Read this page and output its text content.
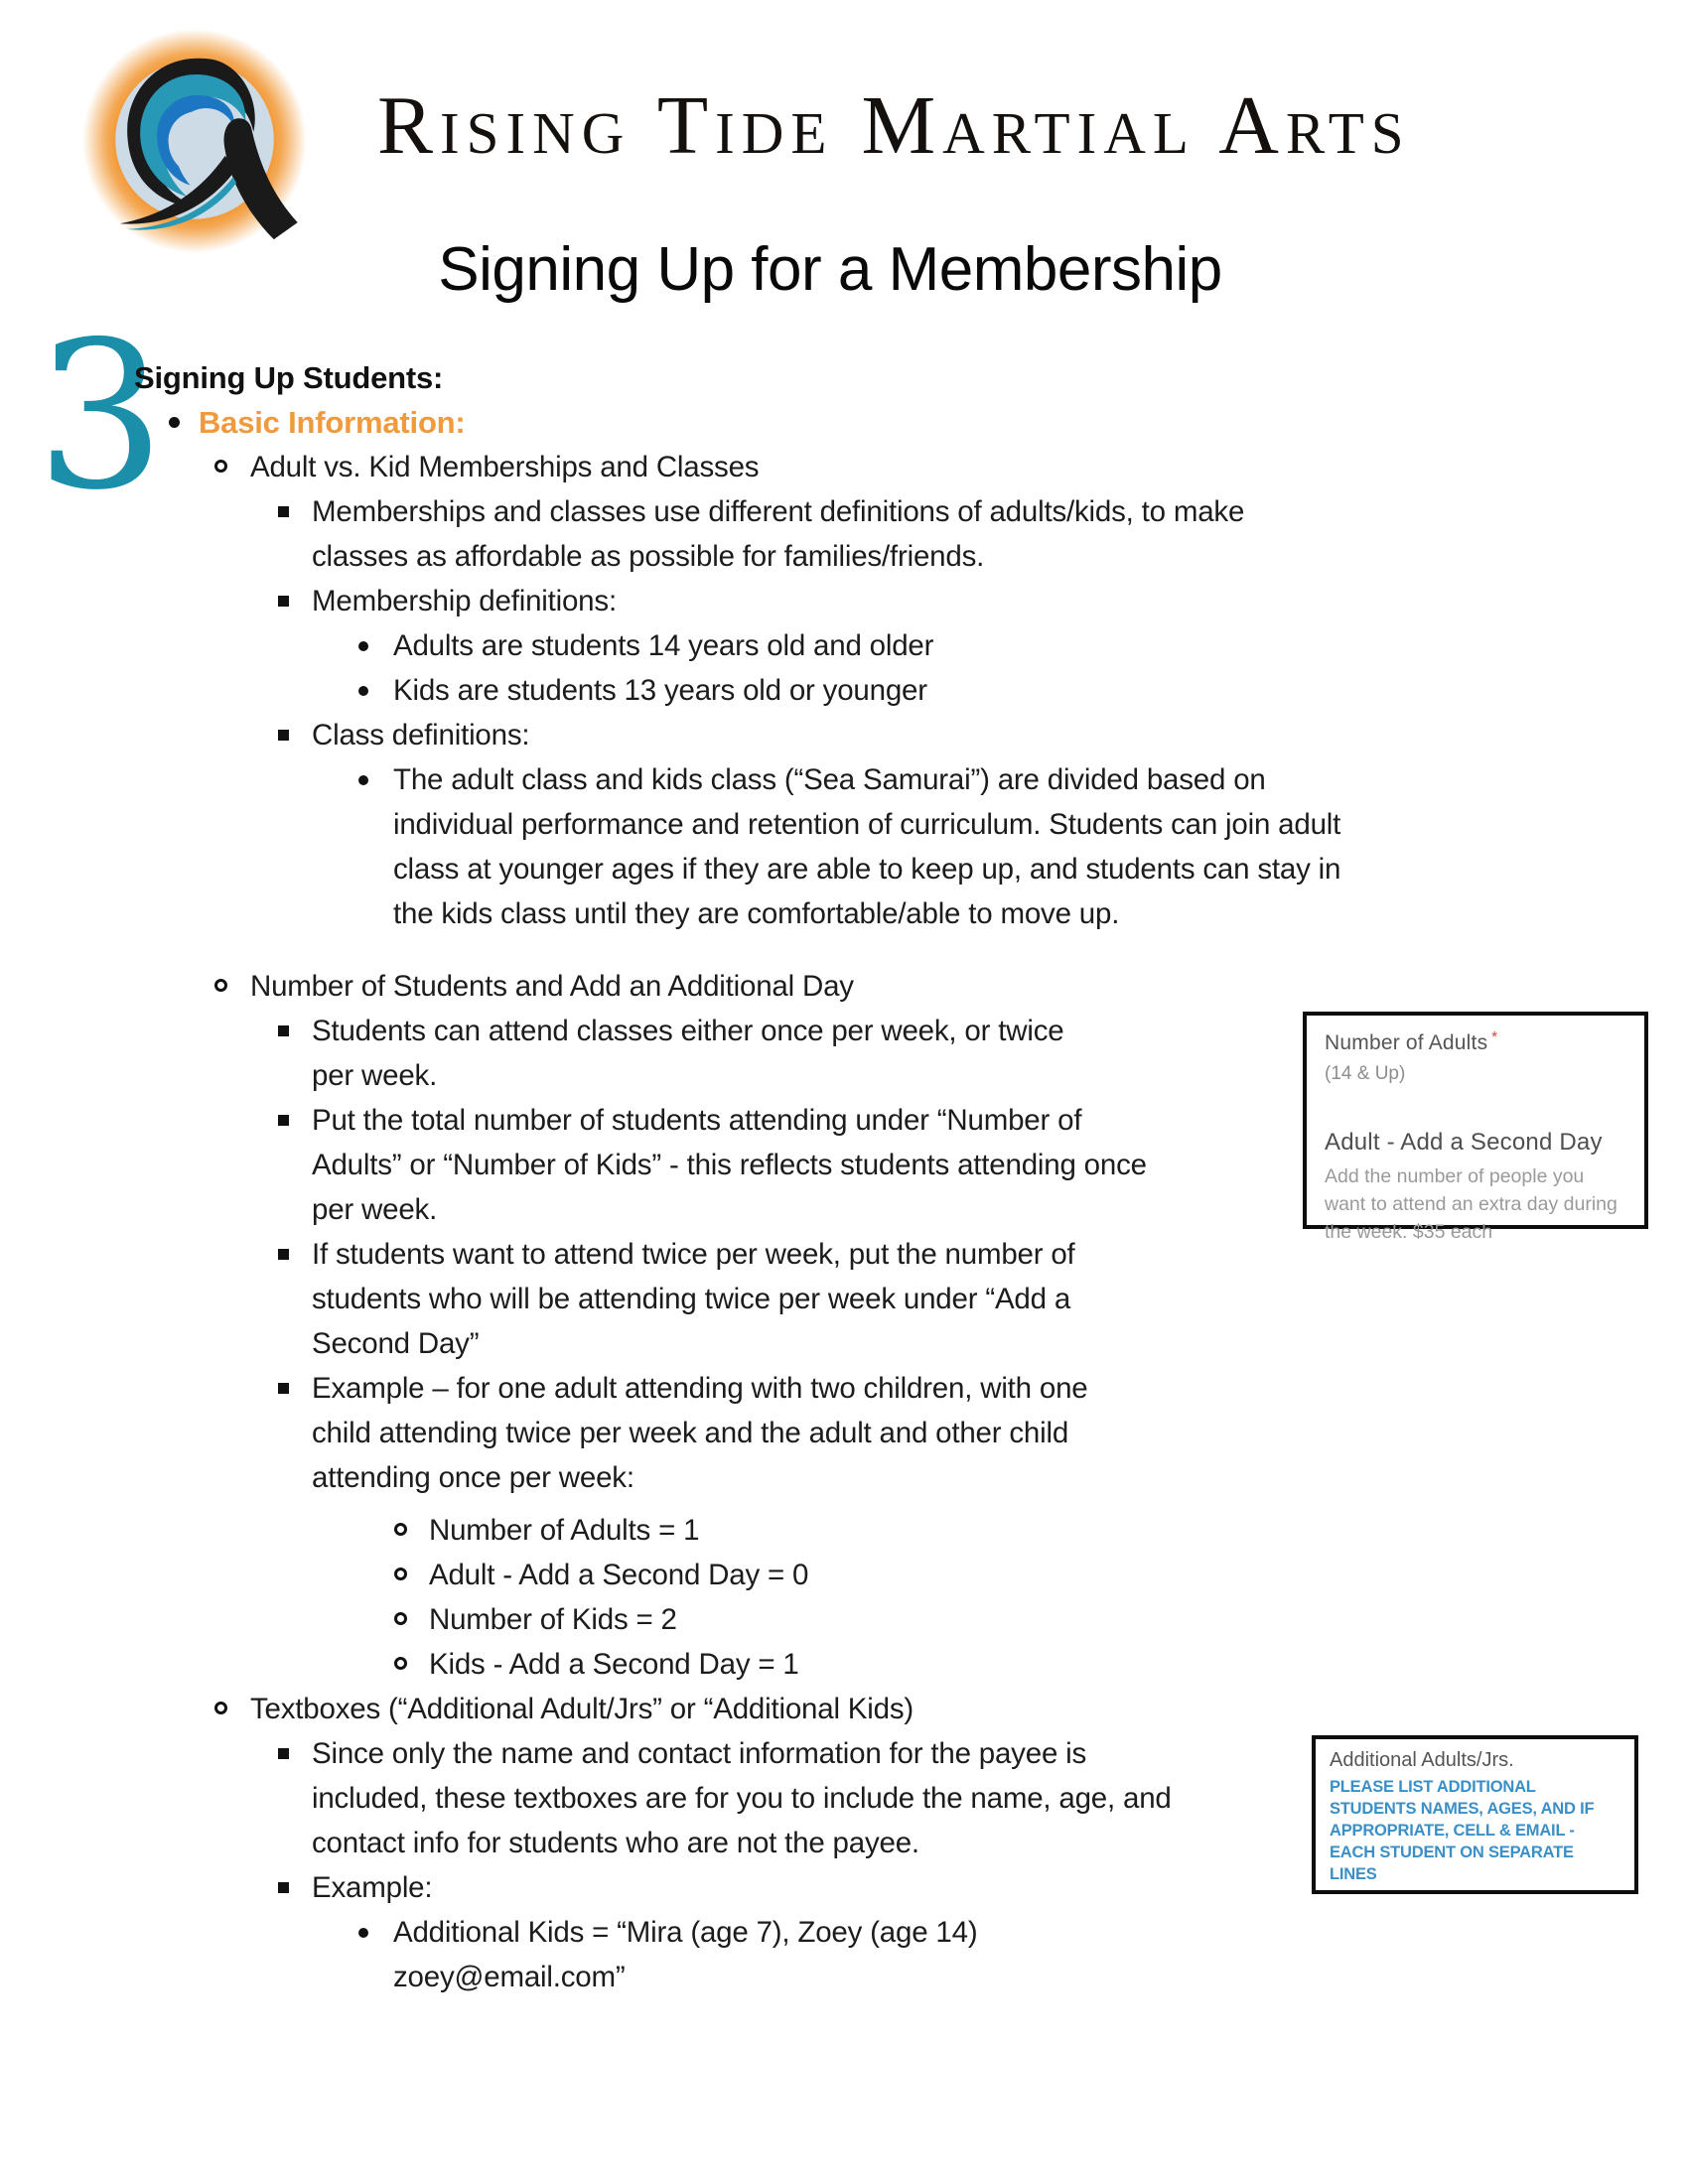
Rising Tide Martial Arts
Signing Up for a Membership
3
Signing Up Students:
Basic Information:
Adult vs. Kid Memberships and Classes
Memberships and classes use different definitions of adults/kids, to make classes as affordable as possible for families/friends.
Membership definitions:
Adults are students 14 years old and older
Kids are students 13 years old or younger
Class definitions:
The adult class and kids class (“Sea Samurai”) are divided based on individual performance and retention of curriculum. Students can join adult class at younger ages if they are able to keep up, and students can stay in the kids class until they are comfortable/able to move up.
Number of Students and Add an Additional Day
Students can attend classes either once per week, or twice per week.
Put the total number of students attending under “Number of Adults” or “Number of Kids” - this reflects students attending once per week.
If students want to attend twice per week, put the number of students who will be attending twice per week under “Add a Second Day”
Example – for one adult attending with two children, with one child attending twice per week and the adult and other child attending once per week:
Number of Adults = 1
Adult - Add a Second Day = 0
Number of Kids = 2
Kids - Add a Second Day = 1
Textboxes (“Additional Adult/Jrs” or “Additional Kids)
Since only the name and contact information for the payee is included, these textboxes are for you to include the name, age, and contact info for students who are not the payee.
Example:
Additional Kids = “Mira (age 7), Zoey (age 14) zoey@email.com”
Number of Adults *
(14 & Up)
Adult - Add a Second Day
Add the number of people you want to attend an extra day during the week. $35 each
Additional Adults/Jrs.
PLEASE LIST ADDITIONAL STUDENTS NAMES, AGES, AND IF APPROPRIATE, CELL & EMAIL - EACH STUDENT ON SEPARATE LINES
